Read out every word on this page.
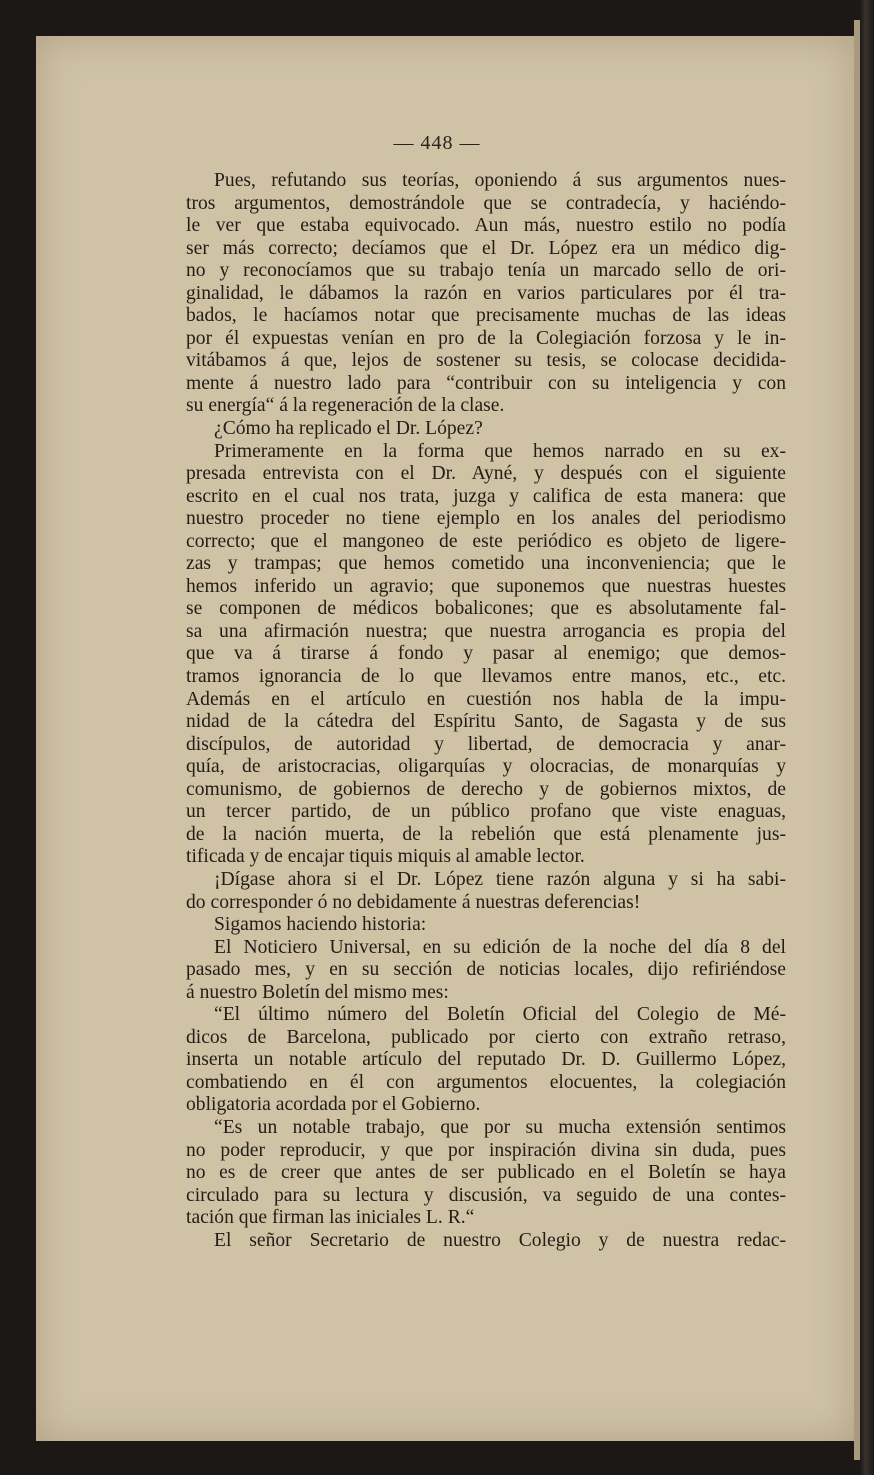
— 448 —
Pues, refutando sus teorías, oponiendo á sus argumentos nues-
tros argumentos, demostrándole que se contradecía, y haciéndo-
le ver que estaba equivocado. Aun más, nuestro estilo no podía
ser más correcto; decíamos que el Dr. López era un médico dig-
no y reconocíamos que su trabajo tenía un marcado sello de ori-
ginalidad, le dábamos la razón en varios particulares por él tra-
bados, le hacíamos notar que precisamente muchas de las ideas
por él expuestas venían en pro de la Colegiación forzosa y le in-
vitábamos á que, lejos de sostener su tesis, se colocase decidida-
mente á nuestro lado para “contribuir con su inteligencia y con
su energía“ á la regeneración de la clase.
¿Cómo ha replicado el Dr. López?
Primeramente en la forma que hemos narrado en su ex-
presada entrevista con el Dr. Ayné, y después con el siguiente
escrito en el cual nos trata, juzga y califica de esta manera: que
nuestro proceder no tiene ejemplo en los anales del periodismo
correcto; que el mangoneo de este periódico es objeto de ligere-
zas y trampas; que hemos cometido una inconveniencia; que le
hemos inferido un agravio; que suponemos que nuestras huestes
se componen de médicos bobalicones; que es absolutamente fal-
sa una afirmación nuestra; que nuestra arrogancia es propia del
que va á tirarse á fondo y pasar al enemigo; que demos-
tramos ignorancia de lo que llevamos entre manos, etc., etc.
Además en el artículo en cuestión nos habla de la impu-
nidad de la cátedra del Espíritu Santo, de Sagasta y de sus
discípulos, de autoridad y libertad, de democracia y anar-
quía, de aristocracias, oligarquías y olocracias, de monarquías y
comunismo, de gobiernos de derecho y de gobiernos mixtos, de
un tercer partido, de un público profano que viste enaguas,
de la nación muerta, de la rebelión que está plenamente jus-
tificada y de encajar tiquis miquis al amable lector.
¡Dígase ahora si el Dr. López tiene razón alguna y si ha sabi-
do corresponder ó no debidamente á nuestras deferencias!
Sigamos haciendo historia:
El Noticiero Universal, en su edición de la noche del día 8 del
pasado mes, y en su sección de noticias locales, dijo refiriéndose
á nuestro Boletín del mismo mes:
“El último número del Boletín Oficial del Colegio de Mé-
dicos de Barcelona, publicado por cierto con extraño retraso,
inserta un notable artículo del reputado Dr. D. Guillermo López,
combatiendo en él con argumentos elocuentes, la colegiación
obligatoria acordada por el Gobierno.
“Es un notable trabajo, que por su mucha extensión sentimos
no poder reproducir, y que por inspiración divina sin duda, pues
no es de creer que antes de ser publicado en el Boletín se haya
circulado para su lectura y discusión, va seguido de una contes-
tación que firman las iniciales L. R.“
El señor Secretario de nuestro Colegio y de nuestra redac-
